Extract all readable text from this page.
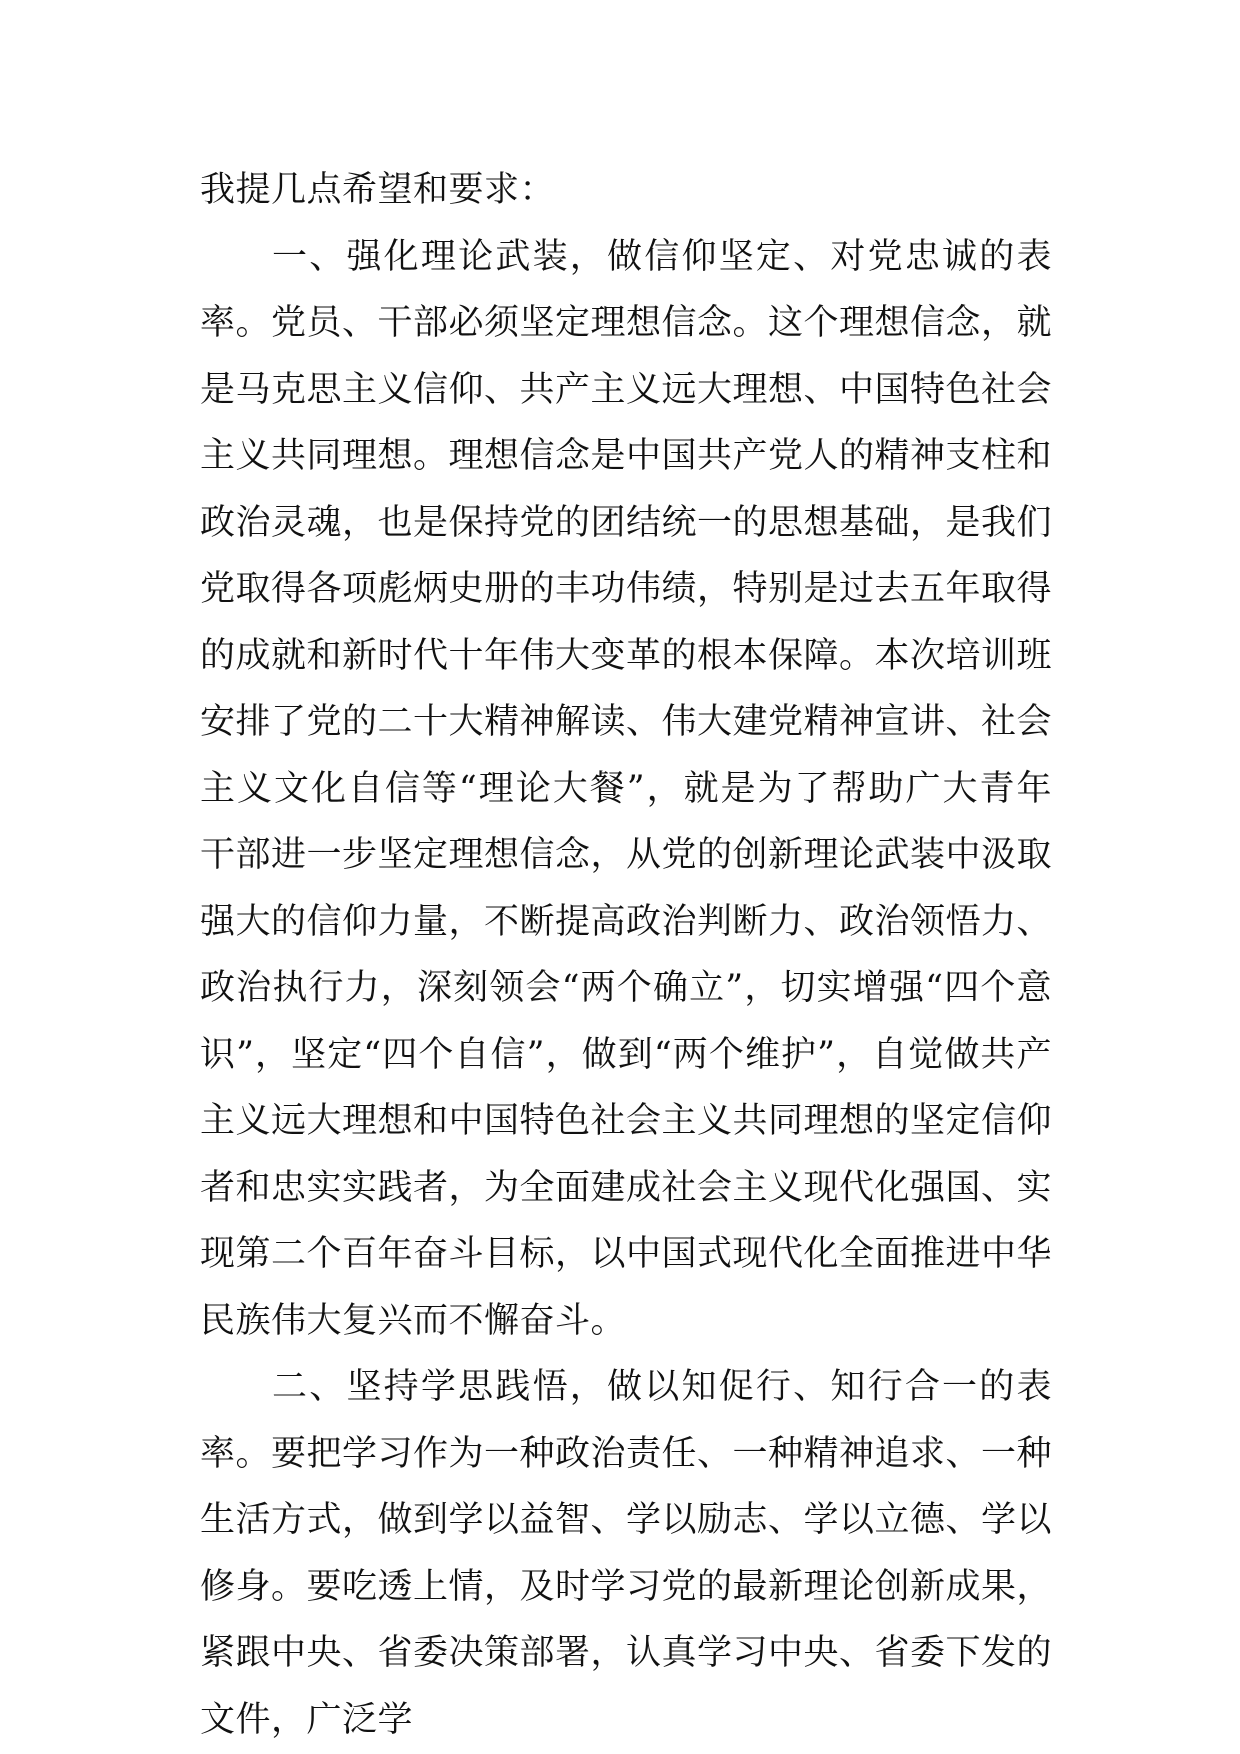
我提几点希望和要求：

一、强化理论武装，做信仰坚定、对党忠诚的表率。党员、干部必须坚定理想信念。这个理想信念，就是马克思主义信仰、共产主义远大理想、中国特色社会主义共同理想。理想信念是中国共产党人的精神支柱和政治灵魂，也是保持党的团结统一的思想基础，是我们党取得各项彪炳史册的丰功伟绩，特别是过去五年取得的成就和新时代十年伟大变革的根本保障。本次培训班安排了党的二十大精神解读、伟大建党精神宣讲、社会主义文化自信等“理论大餐”，就是为了帮助广大青年干部进一步坚定理想信念，从党的创新理论武装中汲取强大的信仰力量，不断提高政治判断力、政治领悟力、政治执行力，深刻领会“两个确立”，切实增强“四个意识”，坚定“四个自信”，做到“两个维护”，自觉做共产主义远大理想和中国特色社会主义共同理想的坚定信仰者和忠实实践者，为全面建成社会主义现代化强国、实现第二个百年奋斗目标，以中国式现代化全面推进中华民族伟大复兴而不懈奋斗。

二、坚持学思践悟，做以知促行、知行合一的表率。要把学习作为一种政治责任、一种精神追求、一种生活方式，做到学以益智、学以励志、学以立德、学以修身。要吃透上情，及时学习党的最新理论创新成果，紧跟中央、省委决策部署，认真学习中央、省委下发的文件，广泛学
